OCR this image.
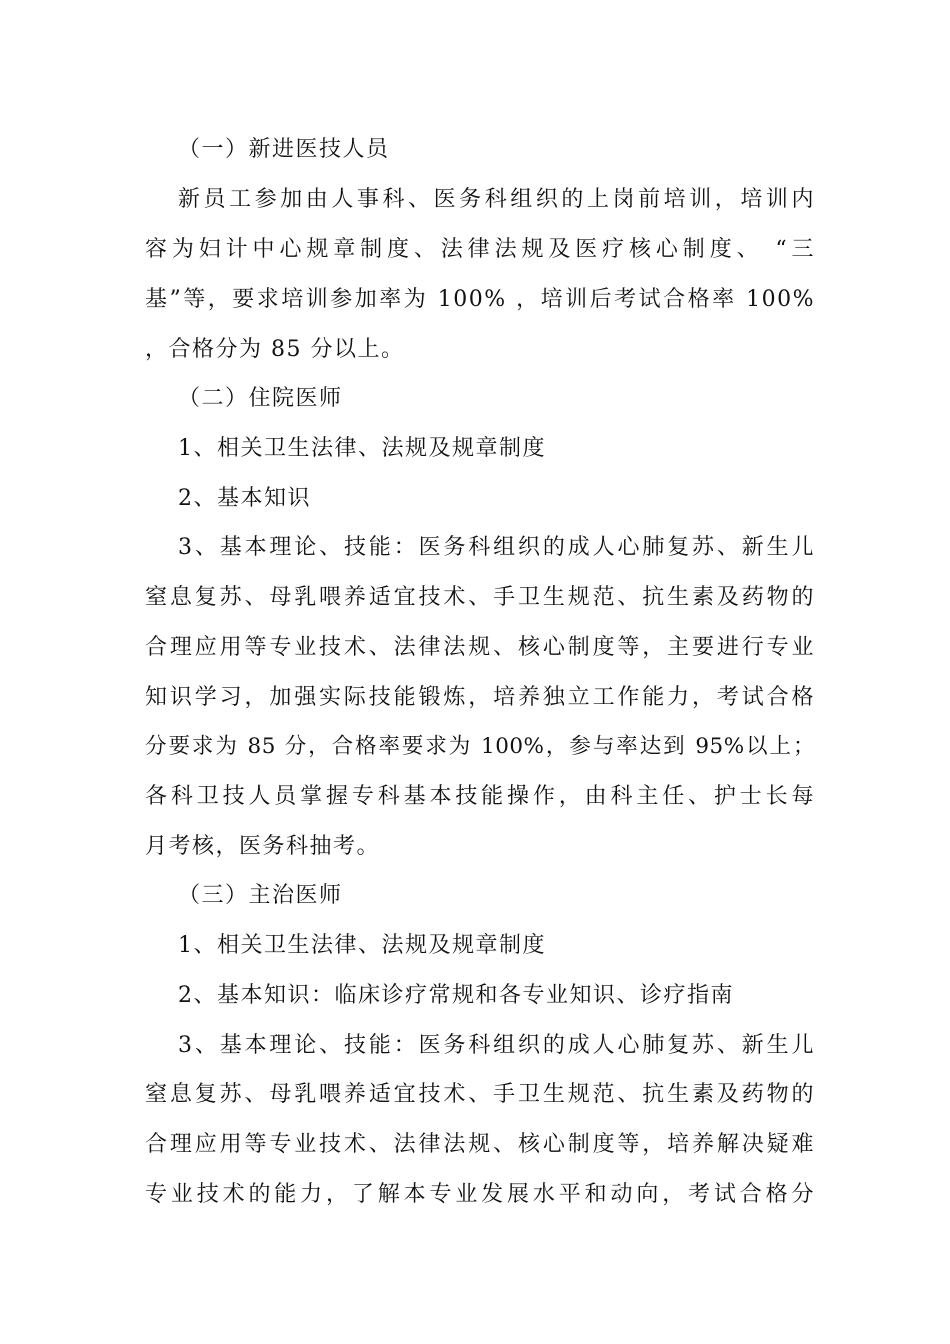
（一）新进医技人员
新员工参加由人事科、医务科组织的上岗前培训，培训内
容为妇计中心规章制度、法律法规及医疗核心制度、 “三
基”等，要求培训参加率为 100% ，培训后考试合格率 100%
，合格分为 85 分以上。
（二）住院医师
1、相关卫生法律、法规及规章制度
2、基本知识
3、基本理论、技能：医务科组织的成人心肺复苏、新生儿
窒息复苏、母乳喂养适宜技术、手卫生规范、抗生素及药物的
合理应用等专业技术、法律法规、核心制度等，主要进行专业
知识学习，加强实际技能锻炼，培养独立工作能力，考试合格
分要求为 85 分，合格率要求为 100%，参与率达到 95%以上；
各科卫技人员掌握专科基本技能操作，由科主任、护士长每
月考核，医务科抽考。
（三）主治医师
1、相关卫生法律、法规及规章制度
2、基本知识：临床诊疗常规和各专业知识、诊疗指南
3、基本理论、技能：医务科组织的成人心肺复苏、新生儿
窒息复苏、母乳喂养适宜技术、手卫生规范、抗生素及药物的
合理应用等专业技术、法律法规、核心制度等，培养解决疑难
专业技术的能力，了解本专业发展水平和动向，考试合格分
